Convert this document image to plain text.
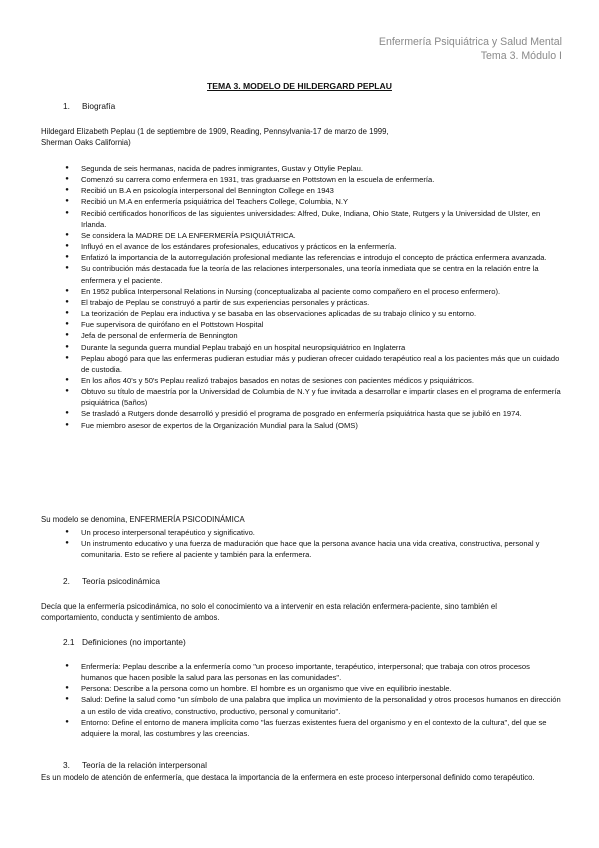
Enfermería Psiquiátrica y Salud Mental
Tema 3. Módulo I
TEMA 3. MODELO DE HILDERGARD PEPLAU
1. Biografía
Hildegard Elizabeth Peplau (1 de septiembre de 1909, Reading, Pennsylvania-17 de marzo de 1999, Sherman Oaks California)
● Segunda de seis hermanas, nacida de padres inmigrantes, Gustav y Ottylie Peplau.
● Comenzó su carrera como enfermera en 1931, tras graduarse en Pottstown en la escuela de enfermería.
● Recibió un B.A en psicología interpersonal del Bennington College en 1943
● Recibió un M.A en enfermería psiquiátrica del Teachers College, Columbia, N.Y
● Recibió certificados honoríficos de las siguientes universidades: Alfred, Duke, Indiana, Ohio State, Rutgers y la Universidad de Ulster, en Irlanda.
● Se considera la MADRE DE LA ENFERMERÍA PSIQUIÁTRICA.
● Influyó en el avance de los estándares profesionales, educativos y prácticos en la enfermería.
● Enfatizó la importancia de la autorregulación profesional mediante las referencias e introdujo el concepto de práctica enfermera avanzada.
● Su contribución más destacada fue la teoría de las relaciones interpersonales, una teoría inmediata que se centra en la relación entre la enfermera y el paciente.
● En 1952 publica Interpersonal Relations in Nursing (conceptualizaba al paciente como compañero en el proceso enfermero).
● El trabajo de Peplau se construyó a partir de sus experiencias personales y prácticas.
● La teorización de Peplau era inductiva y se basaba en las observaciones aplicadas de su trabajo clínico y su entorno.
● Fue supervisora de quirófano en el Pottstown Hospital
● Jefa de personal de enfermería de Bennington
● Durante la segunda guerra mundial Peplau trabajó en un hospital neuropsiquiátrico en Inglaterra
● Peplau abogó para que las enfermeras pudieran estudiar más y pudieran ofrecer cuidado terapéutico real a los pacientes más que un cuidado de custodia.
● En los años 40's y 50's Peplau realizó trabajos basados en notas de sesiones con pacientes médicos y psiquiátricos.
● Obtuvo su título de maestría por la Universidad de Columbia de N.Y y fue invitada a desarrollar e impartir clases en el programa de enfermería psiquiátrica (5años)
● Se trasladó a Rutgers donde desarrolló y presidió el programa de posgrado en enfermería psiquiátrica hasta que se jubiló en 1974.
● Fue miembro asesor de expertos de la Organización Mundial para la Salud (OMS)
Su modelo se denomina, ENFERMERÍA PSICODINÁMICA
● Un proceso interpersonal terapéutico y significativo.
● Un instrumento educativo y una fuerza de maduración que hace que la persona avance hacia una vida creativa, constructiva, personal y comunitaria. Esto se refiere al paciente y también para la enfermera.
2. Teoría psicodinámica
Decía que la enfermería psicodinámica, no solo el conocimiento va a intervenir en esta relación enfermera-paciente, sino también el comportamiento, conducta y sentimiento de ambos.
2.1 Definiciones (no importante)
● Enfermería: Peplau describe a la enfermería como "un proceso importante, terapéutico, interpersonal; que trabaja con otros procesos humanos que hacen posible la salud para las personas en las comunidades".
● Persona: Describe a la persona como un hombre. El hombre es un organismo que vive en equilibrio inestable.
● Salud: Define la salud como "un símbolo de una palabra que implica un movimiento de la personalidad y otros procesos humanos en dirección a un estilo de vida creativo, constructivo, productivo, personal y comunitario".
● Entorno: Define el entorno de manera implícita como "las fuerzas existentes fuera del organismo y en el contexto de la cultura", del que se adquiere la moral, las costumbres y las creencias.
3. Teoría de la relación interpersonal
Es un modelo de atención de enfermería, que destaca la importancia de la enfermera en este proceso interpersonal definido como terapéutico.
